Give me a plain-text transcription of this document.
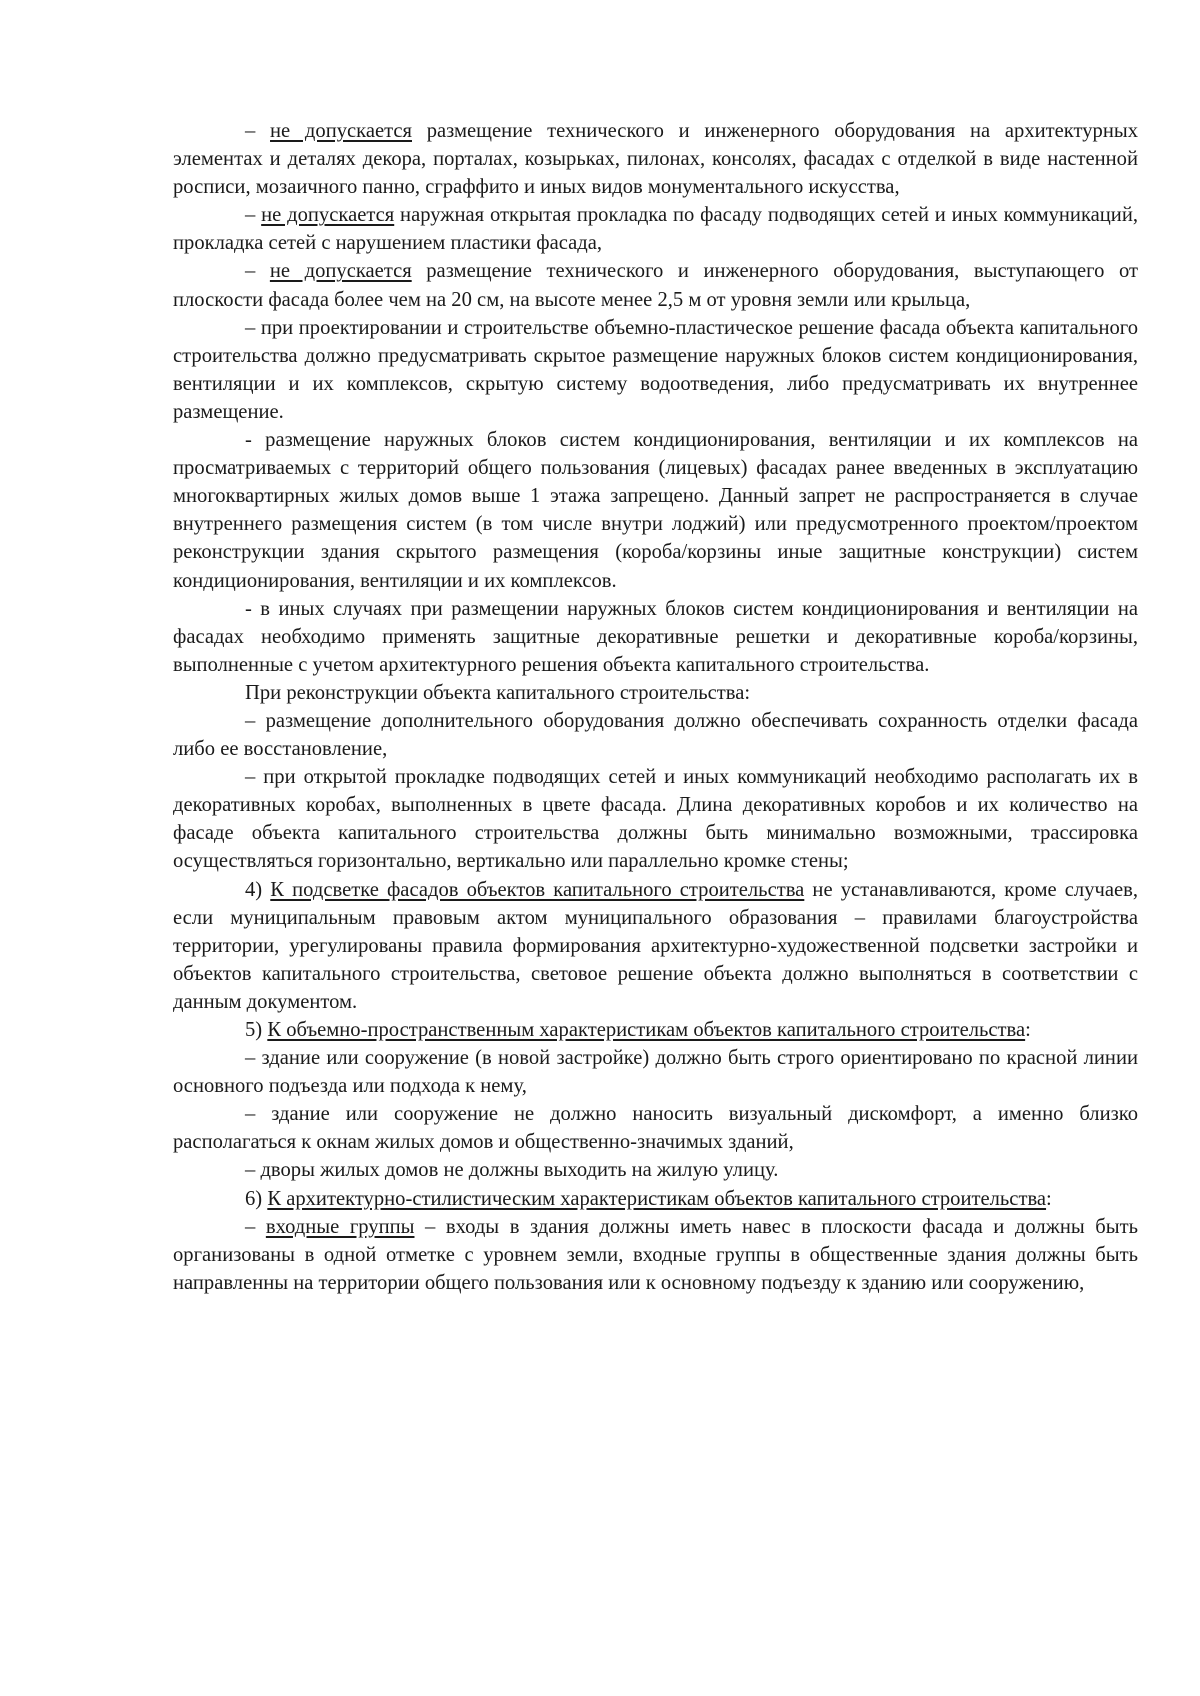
– не допускается размещение технического и инженерного оборудования на архитектурных элементах и деталях декора, порталах, козырьках, пилонах, консолях, фасадах с отделкой в виде настенной росписи, мозаичного панно, сграффито и иных видов монументального искусства,

– не допускается наружная открытая прокладка по фасаду подводящих сетей и иных коммуникаций, прокладка сетей с нарушением пластики фасада,

– не допускается размещение технического и инженерного оборудования, выступающего от плоскости фасада более чем на 20 см, на высоте менее 2,5 м от уровня земли или крыльца,

– при проектировании и строительстве объемно-пластическое решение фасада объекта капитального строительства должно предусматривать скрытое размещение наружных блоков систем кондиционирования, вентиляции и их комплексов, скрытую систему водоотведения, либо предусматривать их внутреннее размещение.

- размещение наружных блоков систем кондиционирования, вентиляции и их комплексов на просматриваемых с территорий общего пользования (лицевых) фасадах ранее введенных в эксплуатацию многоквартирных жилых домов выше 1 этажа запрещено. Данный запрет не распространяется в случае внутреннего размещения систем (в том числе внутри лоджий) или предусмотренного проектом/проектом реконструкции здания скрытого размещения (короба/корзины иные защитные конструкции) систем кондиционирования, вентиляции и их комплексов.

- в иных случаях при размещении наружных блоков систем кондиционирования и вентиляции на фасадах необходимо применять защитные декоративные решетки и декоративные короба/корзины, выполненные с учетом архитектурного решения объекта капитального строительства.

При реконструкции объекта капитального строительства:

– размещение дополнительного оборудования должно обеспечивать сохранность отделки фасада либо ее восстановление,

– при открытой прокладке подводящих сетей и иных коммуникаций необходимо располагать их в декоративных коробах, выполненных в цвете фасада. Длина декоративных коробов и их количество на фасаде объекта капитального строительства должны быть минимально возможными, трассировка осуществляться горизонтально, вертикально или параллельно кромке стены;

4) К подсветке фасадов объектов капитального строительства не устанавливаются, кроме случаев, если муниципальным правовым актом муниципального образования – правилами благоустройства территории, урегулированы правила формирования архитектурно-художественной подсветки застройки и объектов капитального строительства, световое решение объекта должно выполняться в соответствии с данным документом.

5) К объемно-пространственным характеристикам объектов капитального строительства:

– здание или сооружение (в новой застройке) должно быть строго ориентировано по красной линии основного подъезда или подхода к нему,

– здание или сооружение не должно наносить визуальный дискомфорт, а именно близко располагаться к окнам жилых домов и общественно-значимых зданий,

– дворы жилых домов не должны выходить на жилую улицу.

6) К архитектурно-стилистическим характеристикам объектов капитального строительства:

– входные группы – входы в здания должны иметь навес в плоскости фасада и должны быть организованы в одной отметке с уровнем земли, входные группы в общественные здания должны быть направленны на территории общего пользования или к основному подъезду к зданию или сооружению,
